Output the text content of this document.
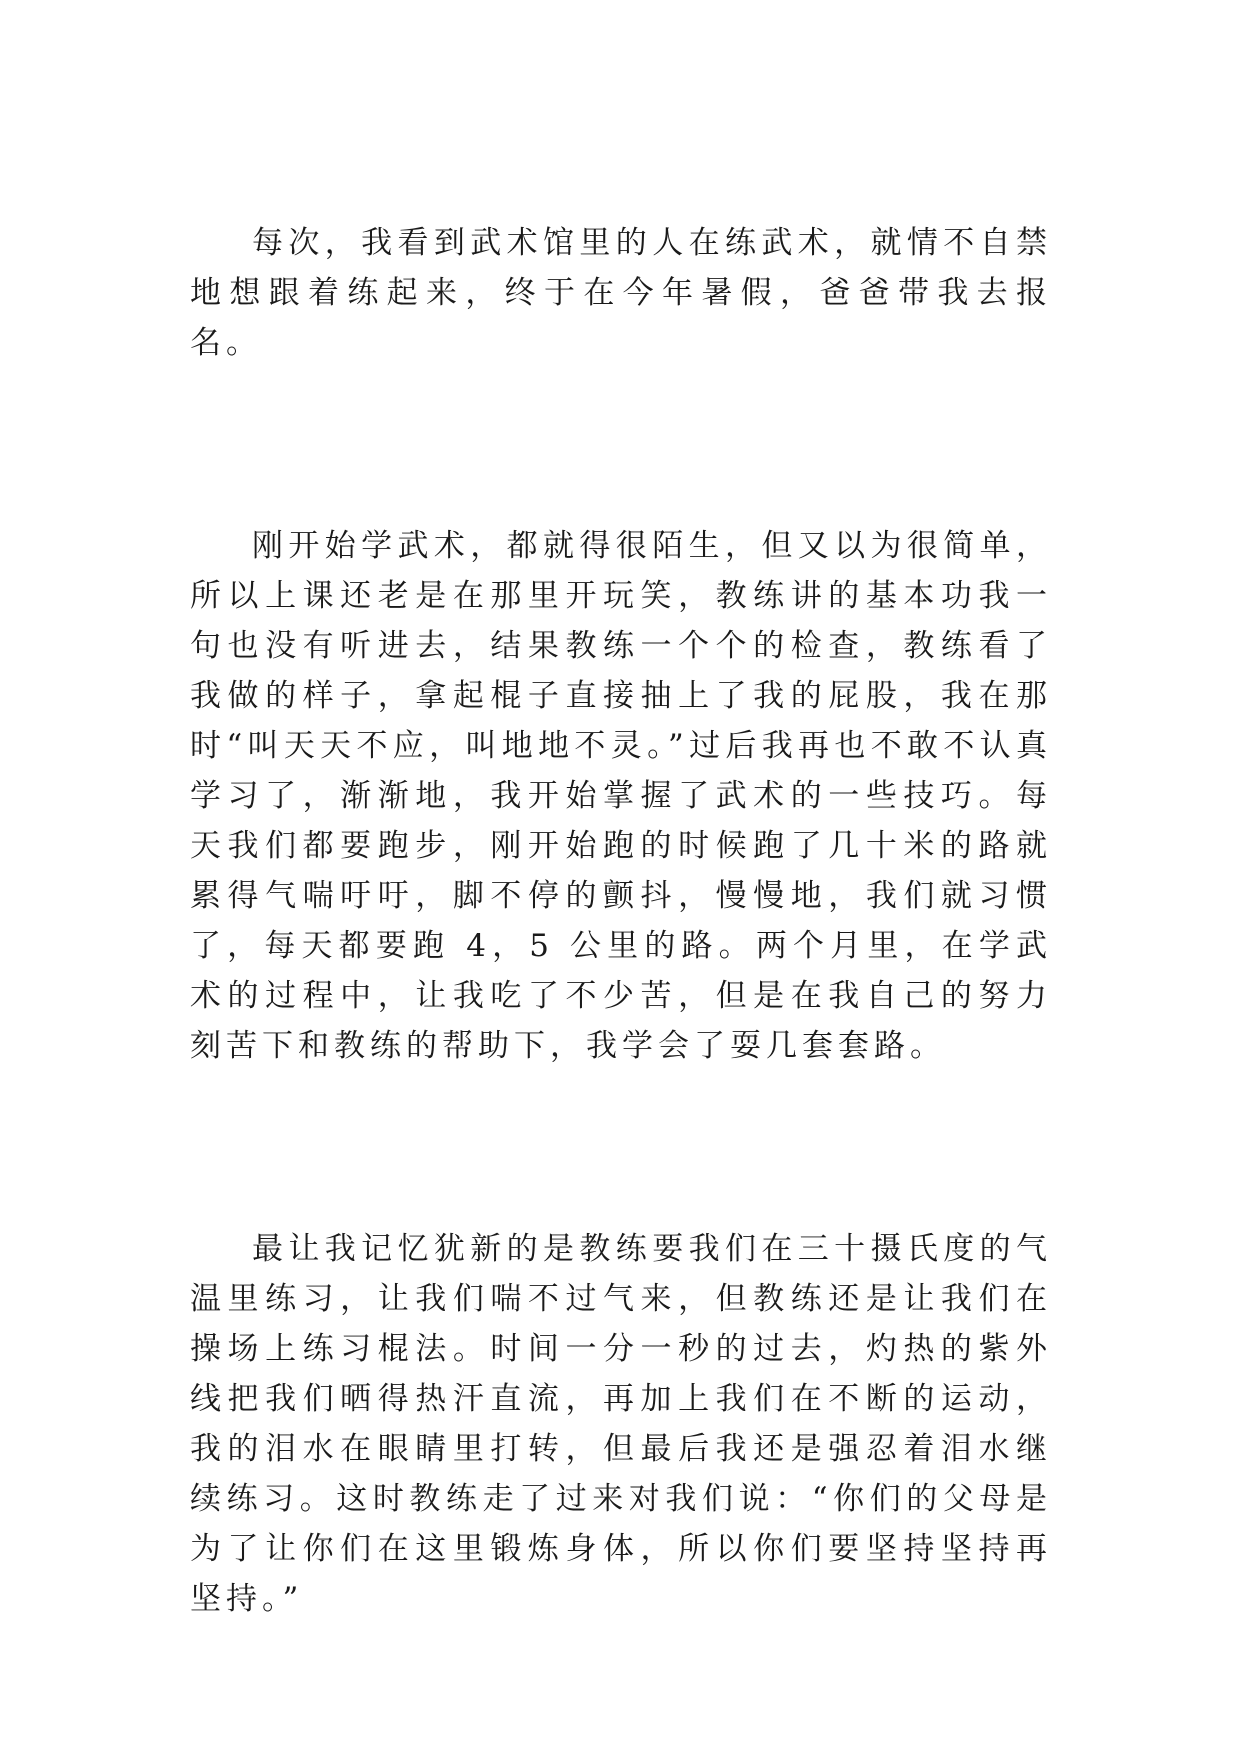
每次，我看到武术馆里的人在练武术，就情不自禁地想跟着练起来，终于在今年暑假，爸爸带我去报名。

刚开始学武术，都就得很陌生，但又以为很简单，所以上课还老是在那里开玩笑，教练讲的基本功我一句也没有听进去，结果教练一个个的检查，教练看了我做的样子，拿起棍子直接抽上了我的屁股，我在那时“叫天天不应，叫地地不灵。”过后我再也不敢不认真学习了，渐渐地，我开始掌握了武术的一些技巧。每天我们都要跑步，刚开始跑的时候跑了几十米的路就累得气喘吁吁，脚不停的颤抖，慢慢地，我们就习惯了，每天都要跑 4，5 公里的路。两个月里，在学武术的过程中，让我吃了不少苦，但是在我自己的努力刻苦下和教练的帮助下，我学会了耍几套套路。

最让我记忆犹新的是教练要我们在三十摄氏度的气温里练习，让我们喘不过气来，但教练还是让我们在操场上练习棍法。时间一分一秒的过去，灼热的紫外线把我们晒得热汗直流，再加上我们在不断的运动，我的泪水在眼睛里打转，但最后我还是强忍着泪水继续练习。这时教练走了过来对我们说：“你们的父母是为了让你们在这里锻炼身体，所以你们要坚持坚持再坚持。”
